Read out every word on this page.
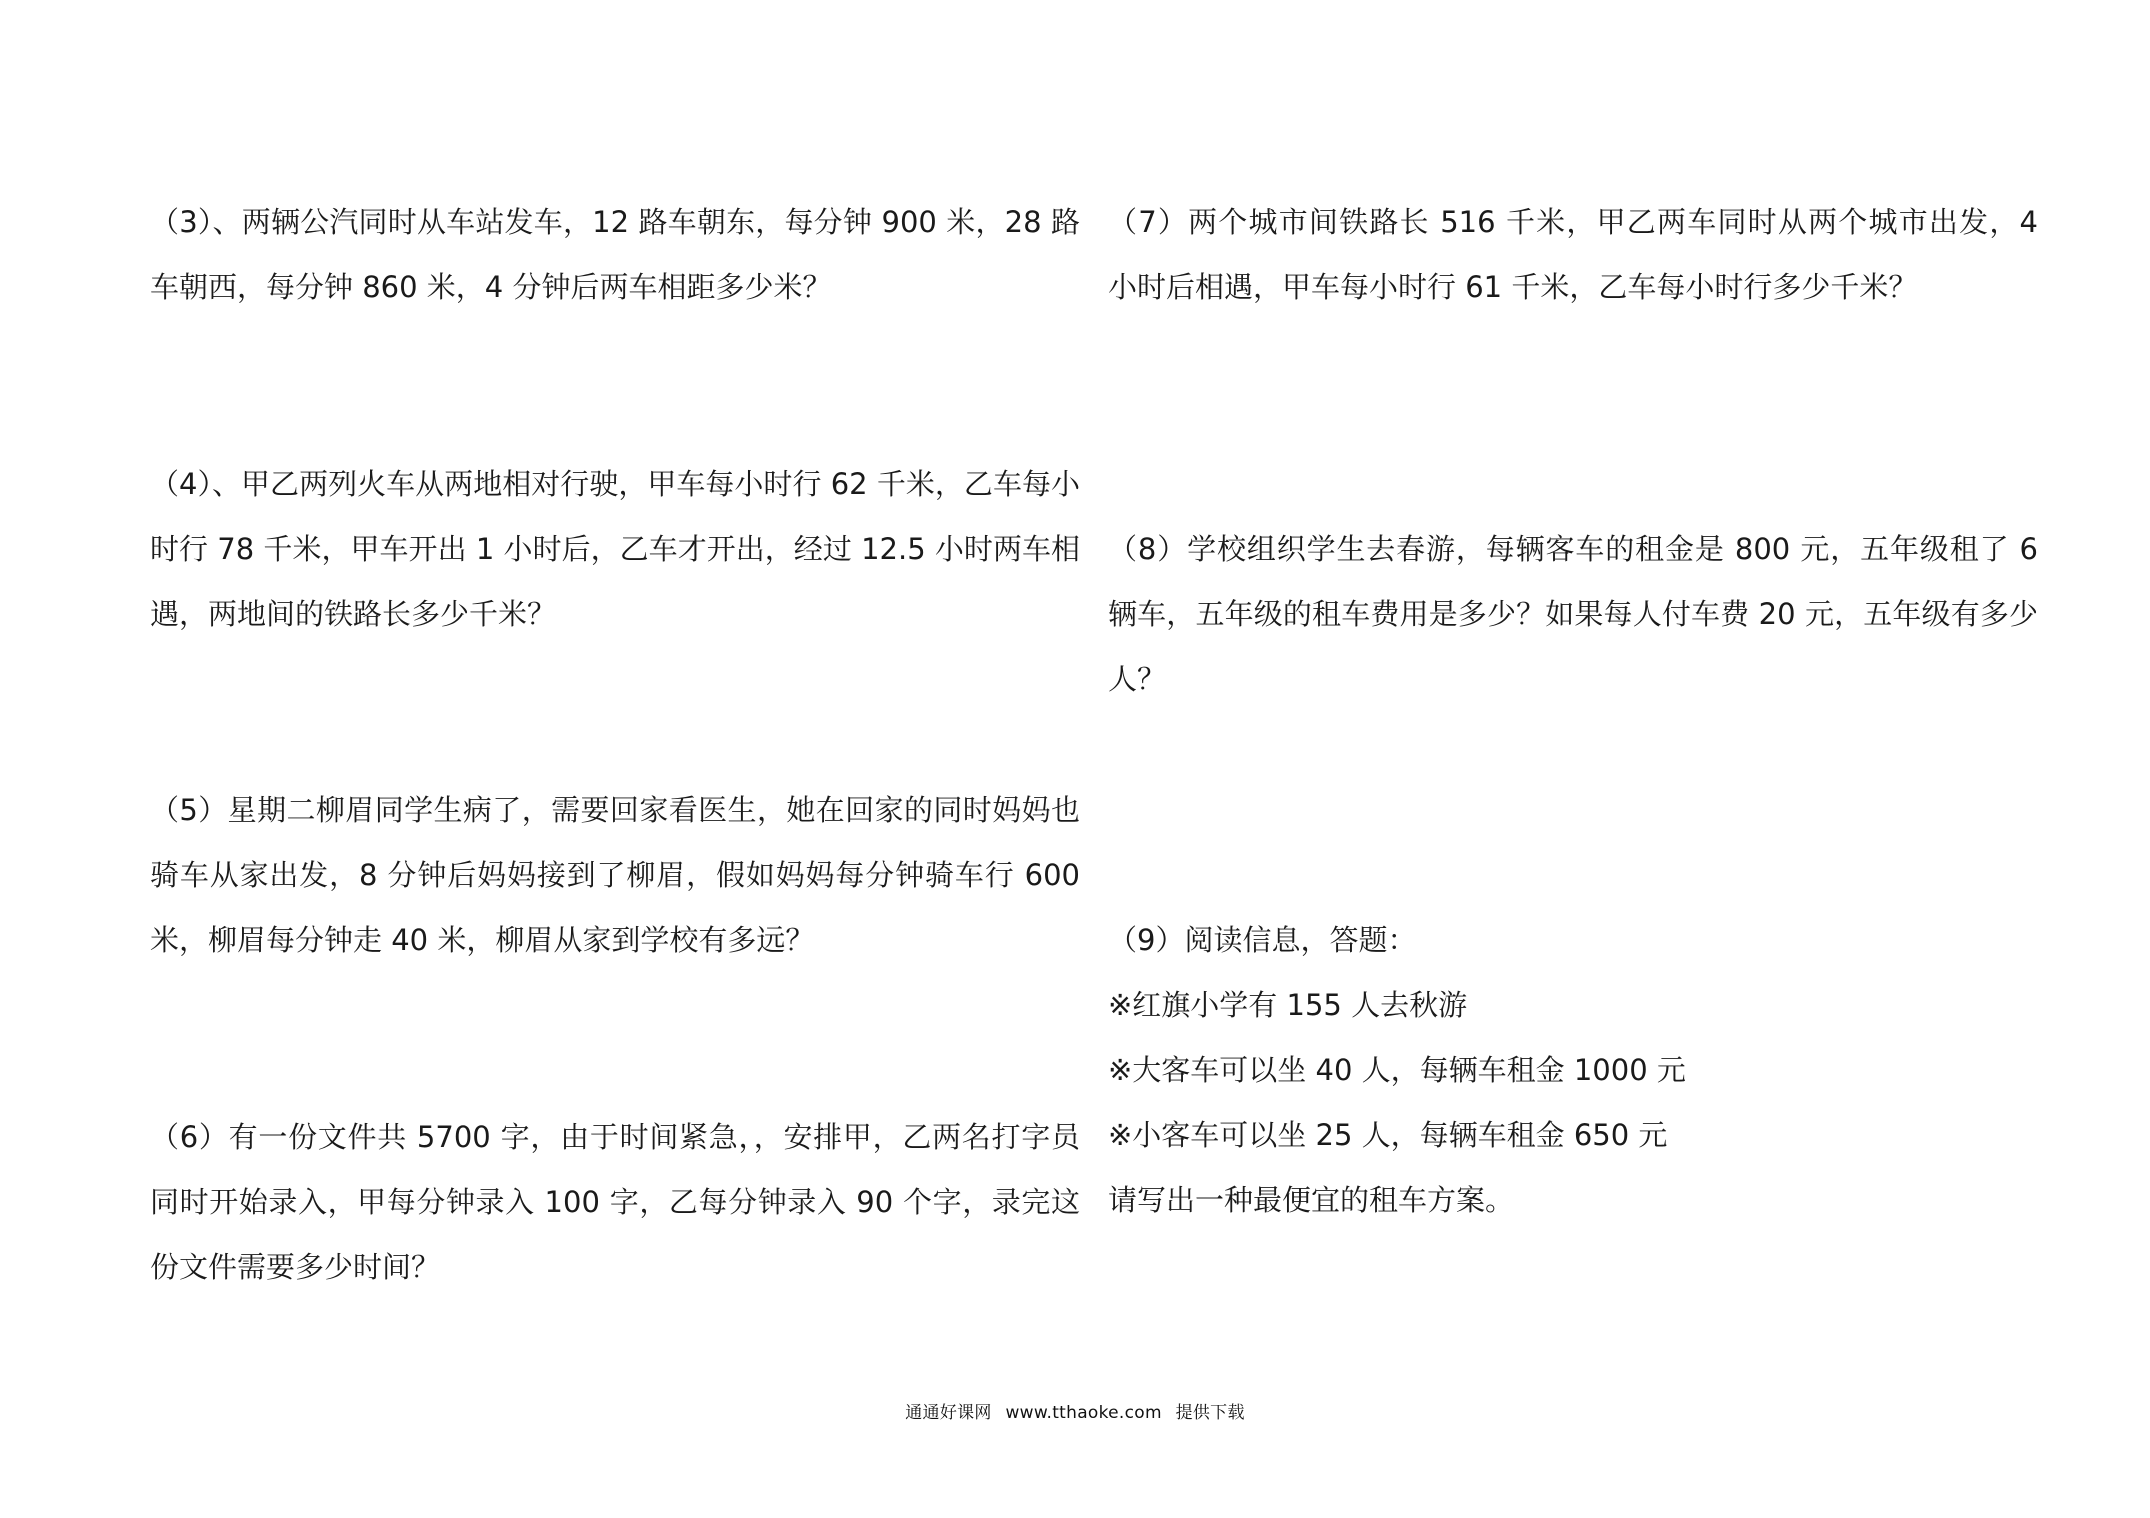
（3）、两辆公汽同时从车站发车，12 路车朝东，每分钟 900 米，28 路车朝西，每分钟 860 米，4 分钟后两车相距多少米？

（4）、甲乙两列火车从两地相对行驶，甲车每小时行 62 千米，乙车每小时行 78 千米，甲车开出 1 小时后，乙车才开出，经过 12.5 小时两车相遇，两地间的铁路长多少千米？

（5）星期二柳眉同学生病了，需要回家看医生，她在回家的同时妈妈也骑车从家出发，8 分钟后妈妈接到了柳眉，假如妈妈每分钟骑车行 600 米，柳眉每分钟走 40 米，柳眉从家到学校有多远？

（6）有一份文件共 5700 字，由于时间紧急，，安排甲，乙两名打字员同时开始录入，甲每分钟录入 100 字，乙每分钟录入 90 个字，录完这份文件需要多少时间？

（7）两个城市间铁路长 516 千米，甲乙两车同时从两个城市出发，4 小时后相遇，甲车每小时行 61 千米，乙车每小时行多少千米？

（8）学校组织学生去春游，每辆客车的租金是 800 元，五年级租了 6 辆车，五年级的租车费用是多少？如果每人付车费 20 元，五年级有多少人？

（9）阅读信息，答题：

※红旗小学有 155 人去秋游

※大客车可以坐 40 人，每辆车租金 1000 元

※小客车可以坐 25 人，每辆车租金 650 元

请写出一种最便宜的租车方案。

通通好课网 www.tthaoke.com 提供下载
